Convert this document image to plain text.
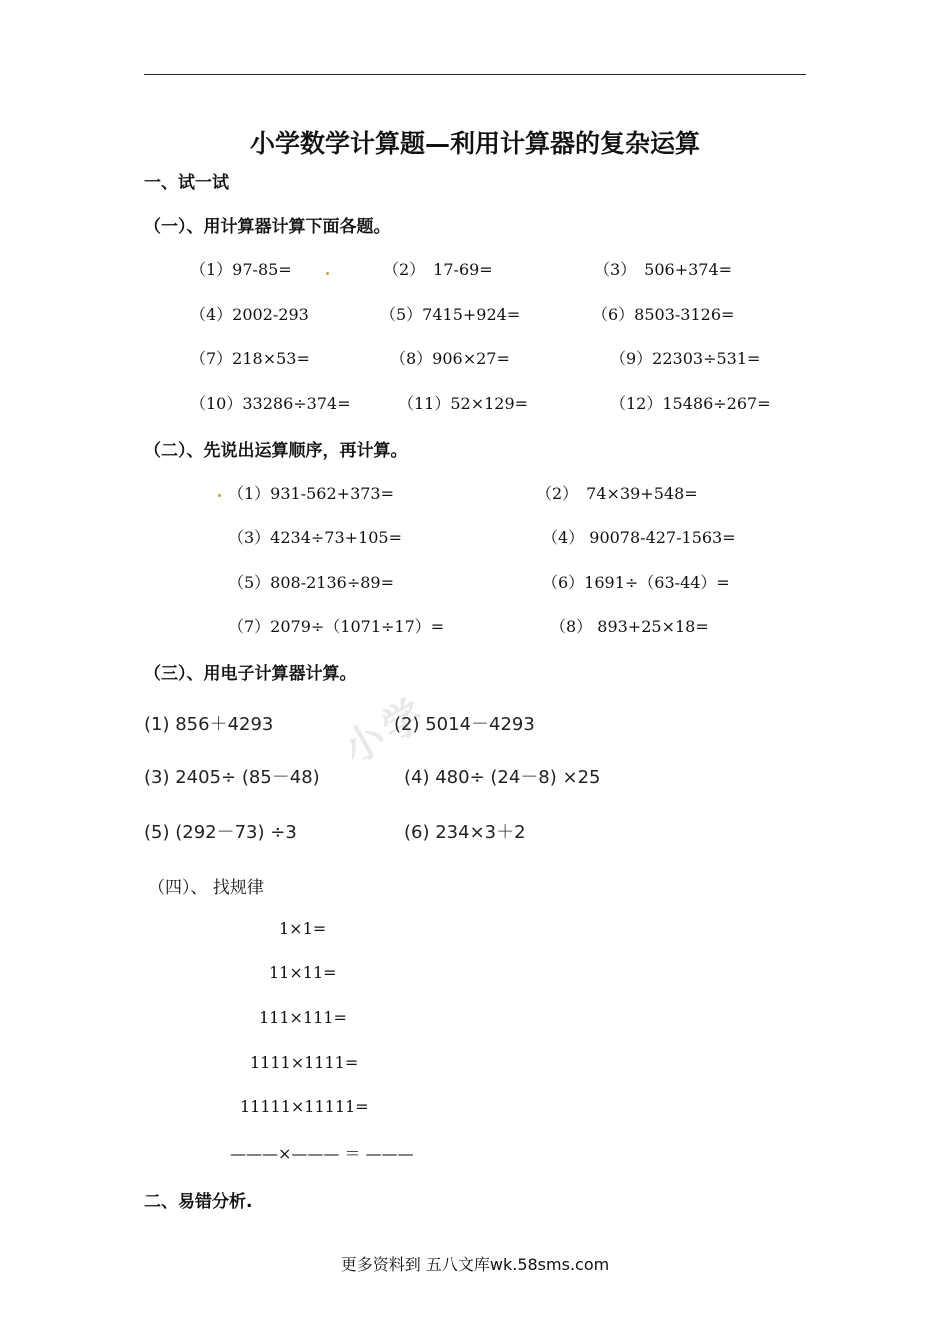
小学
小学数学计算题—利用计算器的复杂运算
一、试一试
（一）、用计算器计算下面各题。
（1）97-85=	（2）　17-69=	（3）　506+374=
（4）2002-293	（5）7415+924=	（6）8503-3126=
（7）218×53=	（8）906×27=	（9）22303÷531=
（10）33286÷374=	（11）52×129=	（12）15486÷267=
（二）、先说出运算顺序，再计算。
（1）931-562+373=	（2）　74×39+548=
（3）4234÷73+105=	（4） 90078-427-1563=
（5）808-2136÷89=	（6）1691÷（63-44）=
（7）2079÷（1071÷17）=	（8） 893+25×18=
（三）、用电子计算器计算。
(1) 856＋4293	(2) 5014－4293
(3) 2405÷ (85－48)	(4) 480÷ (24－8) ×25
(5) (292－73) ÷3	(6) 234×3＋2
（四）、 找规律
1×1=
11×11=
111×111=
1111×1111=
11111×11111=
———×——— ＝ ———
二、易错分析.
更多资料到 五八文库wk.58sms.com
